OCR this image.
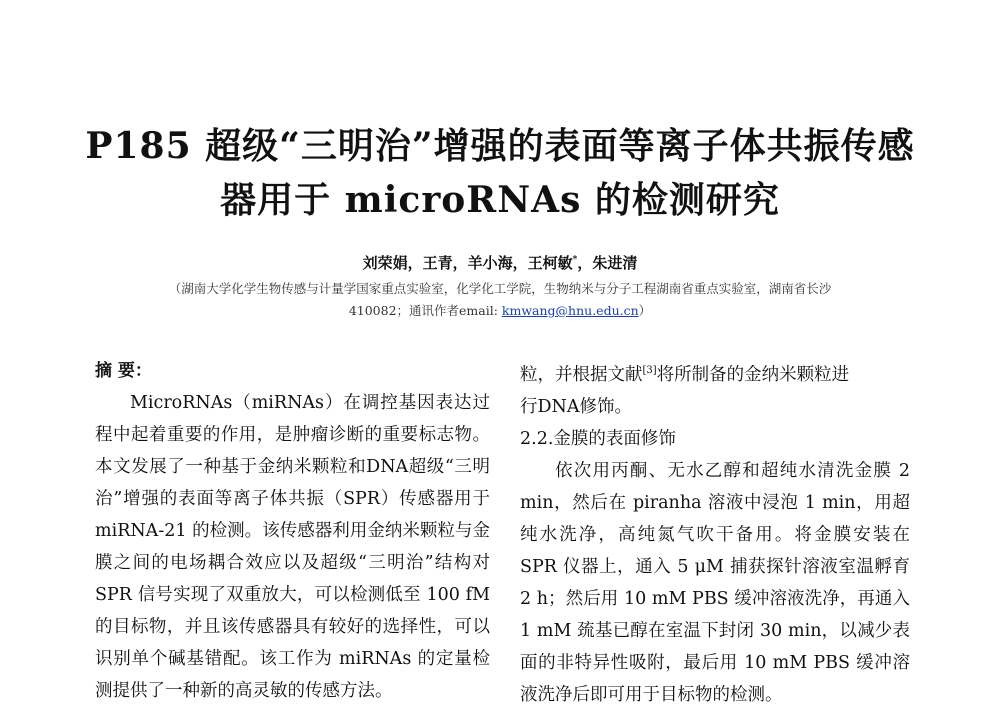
P185 超级“三明治”增强的表面等离子体共振传感
器用于 microRNAs 的检测研究
刘荣娟，王青，羊小海，王柯敏*，朱进清
（湖南大学化学生物传感与计量学国家重点实验室，化学化工学院，生物纳米与分子工程湖南省重点实验室，湖南省长沙
410082；通讯作者email: kmwang@hnu.edu.cn）

摘 要：

MicroRNAs（miRNAs）在调控基因表达过程中起着重要的作用，是肿瘤诊断的重要标志物。本文发展了一种基于金纳米颗粒和DNA超级“三明治”增强的表面等离子体共振（SPR）传感器用于 miRNA-21 的检测。该传感器利用金纳米颗粒与金膜之间的电场耦合效应以及超级“三明治”结构对 SPR 信号实现了双重放大，可以检测低至 100 fM 的目标物，并且该传感器具有较好的选择性，可以识别单个碱基错配。该工作为 miRNAs 的定量检测提供了一种新的高灵敏的传感方法。

粒，并根据文献[3]将所制备的金纳米颗粒进

行DNA修饰。

2.2.金膜的表面修饰

依次用丙酮、无水乙醇和超纯水清洗金膜 2 min，然后在 piranha 溶液中浸泡 1 min，用超纯水洗净，高纯氮气吹干备用。将金膜安装在 SPR 仪器上，通入 5 μM 捕获探针溶液室温孵育 2 h；然后用 10 mM PBS 缓冲溶液洗净，再通入 1 mM 巯基已醇在室温下封闭 30 min，以减少表面的非特异性吸附，最后用 10 mM PBS 缓冲溶液洗净后即可用于目标物的检测。
